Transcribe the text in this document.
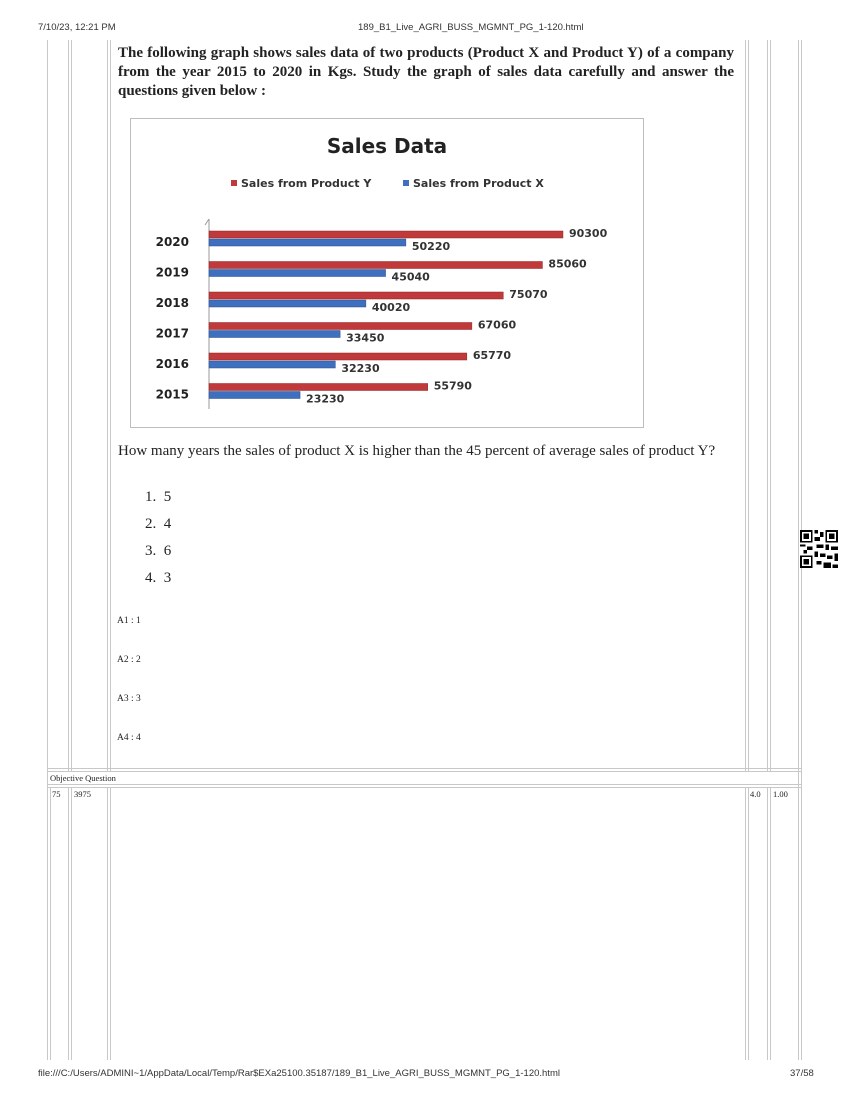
7/10/23, 12:21 PM	189_B1_Live_AGRI_BUSS_MGMNT_PG_1-120.html
The following graph shows sales data of two products (Product X and Product Y) of a company from the year 2015 to 2020 in Kgs. Study the graph of sales data carefully and answer the questions given below :
Sales Data
Sales from Product Y	Sales from Product X
2020
90300
50220
2019
85060
45040
2018
75070
40020
2017
67060
33450
2016
65770
32230
2015
55790
23230
How many years the sales of product X is higher than the 45 percent of average sales of product Y?
1. 5
2. 4
3. 6
4. 3
A1 : 1
A2 : 2
A3 : 3
A4 : 4
Objective Question
75 3975	4.0 1.00
file:///C:/Users/ADMINI~1/AppData/Local/Temp/Rar$EXa25100.35187/189_B1_Live_AGRI_BUSS_MGMNT_PG_1-120.html	37/58
